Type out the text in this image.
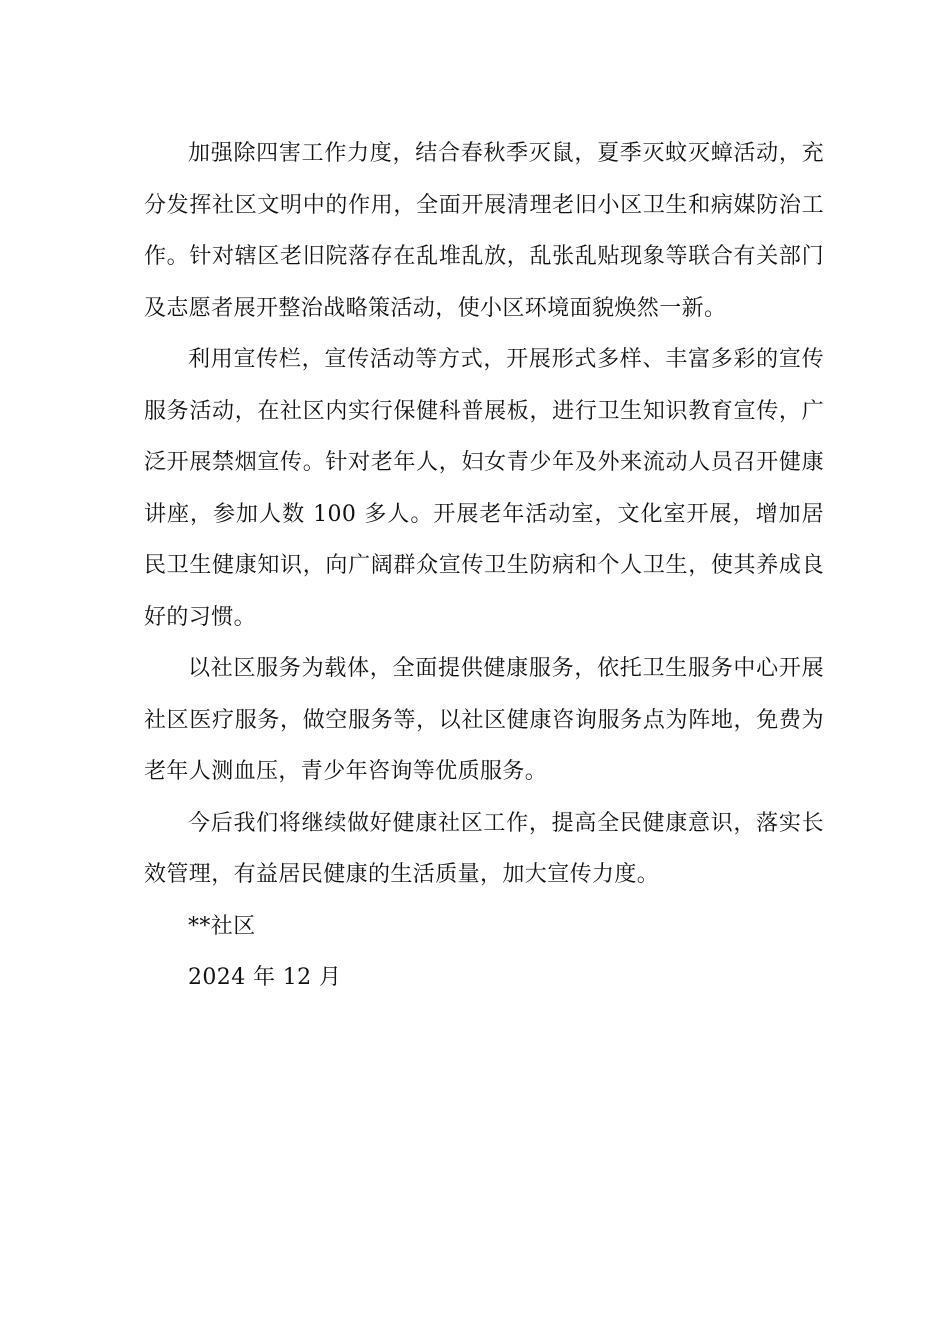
加强除四害工作力度，结合春秋季灭鼠，夏季灭蚊灭蟑活动，充分发挥社区文明中的作用，全面开展清理老旧小区卫生和病媒防治工作。针对辖区老旧院落存在乱堆乱放，乱张乱贴现象等联合有关部门及志愿者展开整治战略策活动，使小区环境面貌焕然一新。

利用宣传栏，宣传活动等方式，开展形式多样、丰富多彩的宣传服务活动，在社区内实行保健科普展板，进行卫生知识教育宣传，广泛开展禁烟宣传。针对老年人，妇女青少年及外来流动人员召开健康讲座，参加人数 100 多人。开展老年活动室，文化室开展，增加居民卫生健康知识，向广阔群众宣传卫生防病和个人卫生，使其养成良好的习惯。

以社区服务为载体，全面提供健康服务，依托卫生服务中心开展社区医疗服务，做空服务等，以社区健康咨询服务点为阵地，免费为老年人测血压，青少年咨询等优质服务。

今后我们将继续做好健康社区工作，提高全民健康意识，落实长效管理，有益居民健康的生活质量，加大宣传力度。

**社区

2024 年 12 月
